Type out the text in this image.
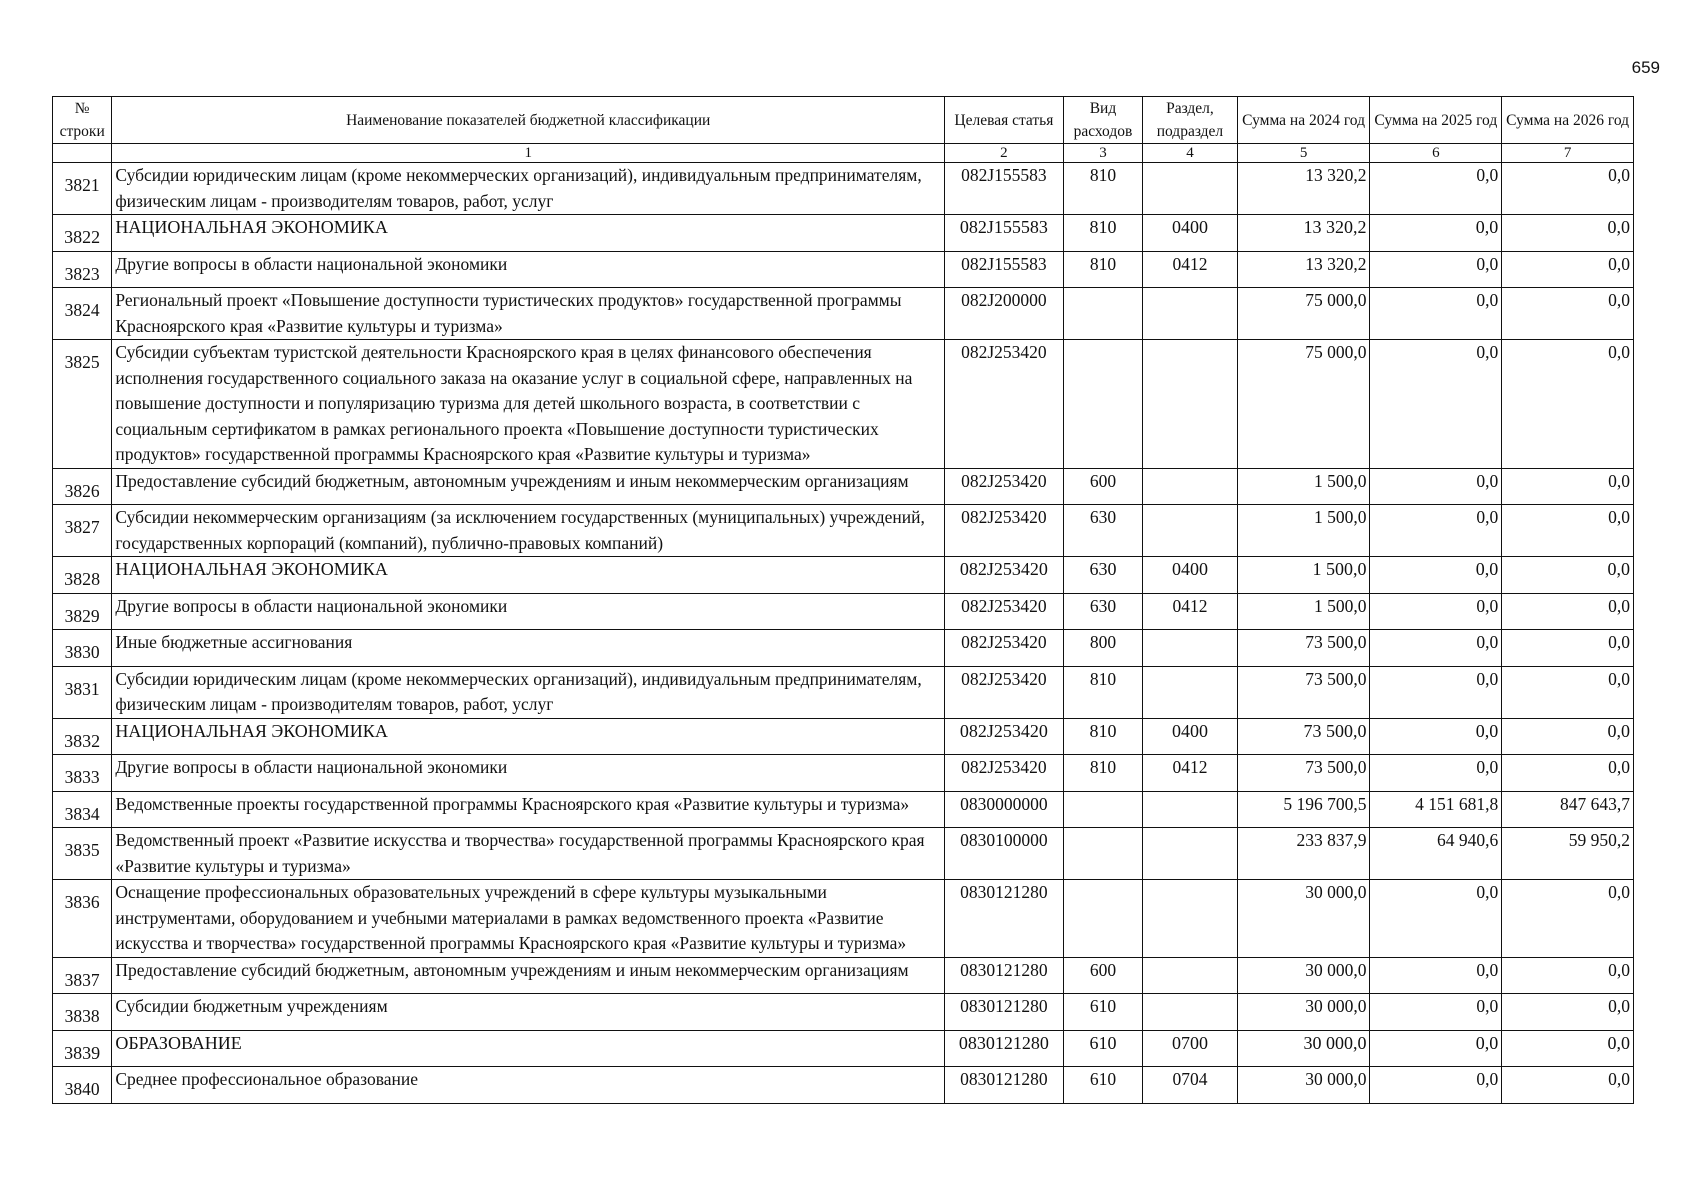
659
№ строки	Наименование показателей бюджетной классификации	Целевая статья	Вид расходов	Раздел, подраздел	Сумма на 2024 год	Сумма на 2025 год	Сумма на 2026 год
	1	2	3	4	5	6	7
3821	Субсидии юридическим лицам (кроме некоммерческих организаций), индивидуальным предпринимателям, физическим лицам - производителям товаров, работ, услуг	082J155583	810		13 320,2	0,0	0,0
3822	НАЦИОНАЛЬНАЯ ЭКОНОМИКА	082J155583	810	0400	13 320,2	0,0	0,0
3823	Другие вопросы в области национальной экономики	082J155583	810	0412	13 320,2	0,0	0,0
3824	Региональный проект «Повышение доступности туристических продуктов» государственной программы Красноярского края «Развитие культуры и туризма»	082J200000			75 000,0	0,0	0,0
3825	Субсидии субъектам туристской деятельности Красноярского края в целях финансового обеспечения исполнения государственного социального заказа на оказание услуг в социальной сфере, направленных на повышение доступности и популяризацию туризма для детей школьного возраста, в соответствии с социальным сертификатом в рамках регионального проекта «Повышение доступности туристических продуктов» государственной программы Красноярского края «Развитие культуры и туризма»	082J253420			75 000,0	0,0	0,0
3826	Предоставление субсидий бюджетным, автономным учреждениям и иным некоммерческим организациям	082J253420	600		1 500,0	0,0	0,0
3827	Субсидии некоммерческим организациям (за исключением государственных (муниципальных) учреждений, государственных корпораций (компаний), публично-правовых компаний)	082J253420	630		1 500,0	0,0	0,0
3828	НАЦИОНАЛЬНАЯ ЭКОНОМИКА	082J253420	630	0400	1 500,0	0,0	0,0
3829	Другие вопросы в области национальной экономики	082J253420	630	0412	1 500,0	0,0	0,0
3830	Иные бюджетные ассигнования	082J253420	800		73 500,0	0,0	0,0
3831	Субсидии юридическим лицам (кроме некоммерческих организаций), индивидуальным предпринимателям, физическим лицам - производителям товаров, работ, услуг	082J253420	810		73 500,0	0,0	0,0
3832	НАЦИОНАЛЬНАЯ ЭКОНОМИКА	082J253420	810	0400	73 500,0	0,0	0,0
3833	Другие вопросы в области национальной экономики	082J253420	810	0412	73 500,0	0,0	0,0
3834	Ведомственные проекты государственной программы Красноярского края «Развитие культуры и туризма»	0830000000			5 196 700,5	4 151 681,8	847 643,7
3835	Ведомственный проект «Развитие искусства и творчества» государственной программы Красноярского края «Развитие культуры и туризма»	0830100000			233 837,9	64 940,6	59 950,2
3836	Оснащение профессиональных образовательных учреждений в сфере культуры музыкальными инструментами, оборудованием и учебными материалами в рамках ведомственного проекта «Развитие искусства и творчества» государственной программы Красноярского края «Развитие культуры и туризма»	0830121280			30 000,0	0,0	0,0
3837	Предоставление субсидий бюджетным, автономным учреждениям и иным некоммерческим организациям	0830121280	600		30 000,0	0,0	0,0
3838	Субсидии бюджетным учреждениям	0830121280	610		30 000,0	0,0	0,0
3839	ОБРАЗОВАНИЕ	0830121280	610	0700	30 000,0	0,0	0,0
3840	Среднее профессиональное образование	0830121280	610	0704	30 000,0	0,0	0,0
